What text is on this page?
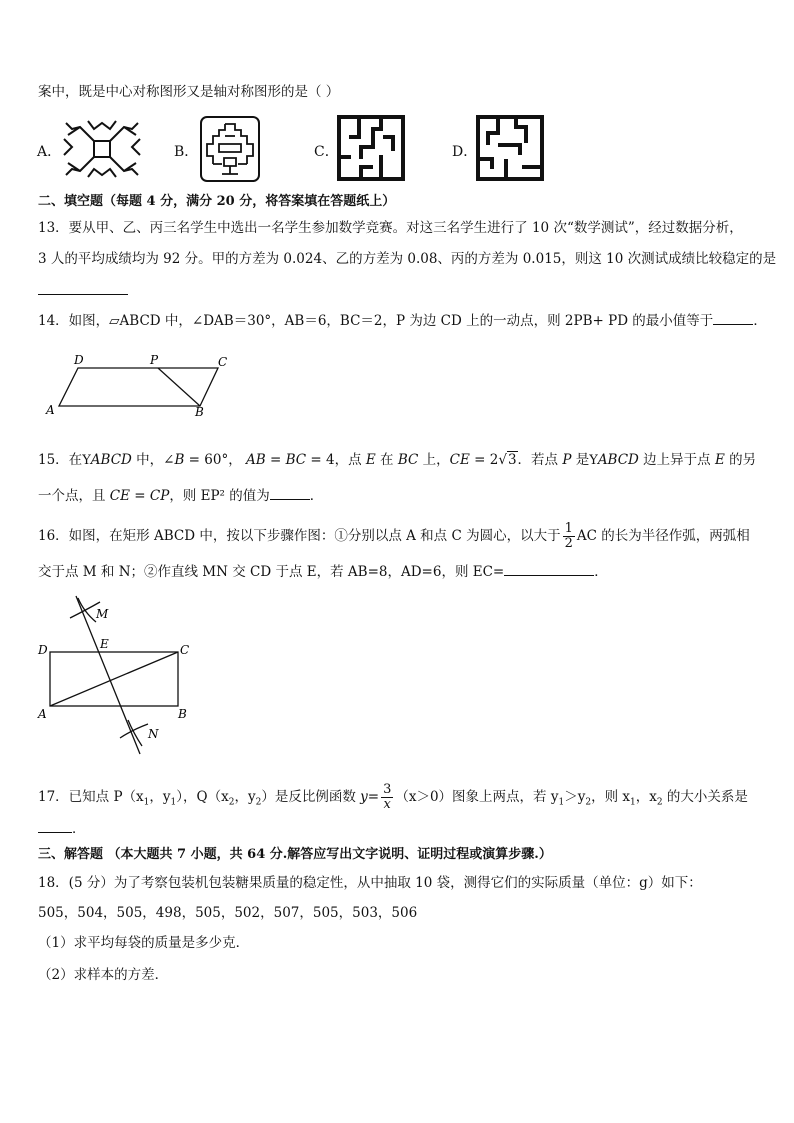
案中，既是中心对称图形又是轴对称图形的是（ ）
A．	B．	C．	D．
二、填空题（每题 4 分，满分 20 分，将答案填在答题纸上）
13．要从甲、乙、丙三名学生中选出一名学生参加数学竞赛。对这三名学生进行了 10 次“数学测试”，经过数据分析，
3 人的平均成绩均为 92 分。甲的方差为 0.024、乙的方差为 0.08、丙的方差为 0.015，则这 10 次测试成绩比较稳定的是
14．如图，▱ABCD 中，∠DAB＝30°，AB＝6，BC＝2，P 为边 CD 上的一动点，则 2PB+ PD 的最小值等于	．
D	P	C
A	B
15．在YABCD 中，∠B = 60°， AB = BC = 4，点 E 在 BC 上，CE = 2√3．若点 P 是YABCD 边上异于点 E 的另
一个点，且 CE = CP，则 EP² 的值为	．
16．如图，在矩形 ABCD 中，按以下步骤作图：①分别以点 A 和点 C 为圆心，以大于 $\frac{1}{2}$ AC 的长为半径作弧，两弧相
交于点 M 和 N；②作直线 MN 交 CD 于点 E，若 AB=8，AD=6，则 EC=	．
M
D	E	C
A	B
N
17．已知点 $P(x_1$，$y_1$），$Q(x_2$，$y_2$）是反比例函数 $y= \frac{3}{x} (x>0)$图象上两点，若 $y_1>y_2$，则 $x_1$，$x_2$ 的大小关系是
．
三、解答题 （本大题共 7 小题，共 64 分.解答应写出文字说明、证明过程或演算步骤.）
18．(5 分）为了考察包装机包装糖果质量的稳定性，从中抽取 10 袋，测得它们的实际质量（单位：g）如下：
505，504，505，498，505，502，507，505，503，506
（1）求平均每袋的质量是多少克．
（2）求样本的方差．
